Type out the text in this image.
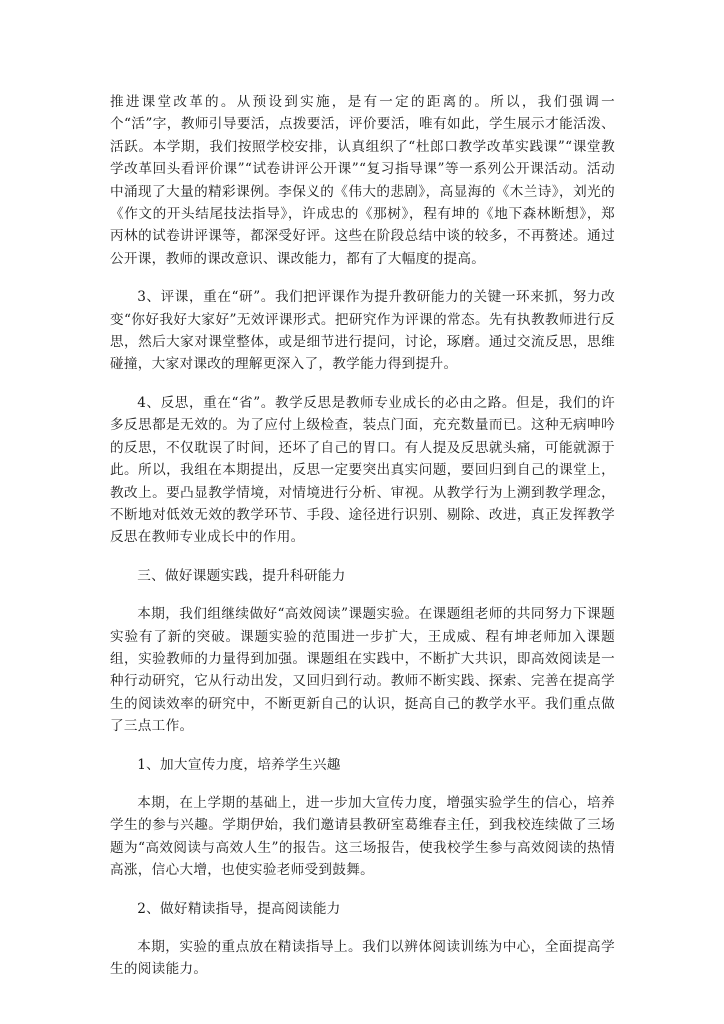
推进课堂改革的。从预设到实施，是有一定的距离的。所以，我们强调一个“活”字，教师引导要活，点拨要活，评价要活，唯有如此，学生展示才能活泼、活跃。本学期，我们按照学校安排，认真组织了“杜郎口教学改革实践课”“课堂教学改革回头看评价课”“试卷讲评公开课”“复习指导课”等一系列公开课活动。活动中涌现了大量的精彩课例。李保义的《伟大的悲剧》，高显海的《木兰诗》，刘光的《作文的开头结尾技法指导》，许成忠的《那树》，程有坤的《地下森林断想》，郑丙林的试卷讲评课等，都深受好评。这些在阶段总结中谈的较多，不再赘述。通过公开课，教师的课改意识、课改能力，都有了大幅度的提高。

3、评课，重在“研”。我们把评课作为提升教研能力的关键一环来抓，努力改变“你好我好大家好”无效评课形式。把研究作为评课的常态。先有执教教师进行反思，然后大家对课堂整体，或是细节进行提问，讨论，琢磨。通过交流反思，思维碰撞，大家对课改的理解更深入了，教学能力得到提升。

4、反思，重在“省”。教学反思是教师专业成长的必由之路。但是，我们的许多反思都是无效的。为了应付上级检查，装点门面，充充数量而已。这种无病呻吟的反思，不仅耽误了时间，还坏了自己的胃口。有人提及反思就头痛，可能就源于此。所以，我组在本期提出，反思一定要突出真实问题，要回归到自己的课堂上，教改上。要凸显教学情境，对情境进行分析、审视。从教学行为上溯到教学理念，不断地对低效无效的教学环节、手段、途径进行识别、剔除、改进，真正发挥教学反思在教师专业成长中的作用。

三、做好课题实践，提升科研能力

本期，我们组继续做好“高效阅读”课题实验。在课题组老师的共同努力下课题实验有了新的突破。课题实验的范围进一步扩大，王成威、程有坤老师加入课题组，实验教师的力量得到加强。课题组在实践中，不断扩大共识，即高效阅读是一种行动研究，它从行动出发，又回归到行动。教师不断实践、探索、完善在提高学生的阅读效率的研究中，不断更新自己的认识，挺高自己的教学水平。我们重点做了三点工作。

1、加大宣传力度，培养学生兴趣

本期，在上学期的基础上，进一步加大宣传力度，增强实验学生的信心，培养学生的参与兴趣。学期伊始，我们邀请县教研室葛维春主任，到我校连续做了三场题为“高效阅读与高效人生”的报告。这三场报告，使我校学生参与高效阅读的热情高涨，信心大增，也使实验老师受到鼓舞。

2、做好精读指导，提高阅读能力

本期，实验的重点放在精读指导上。我们以辨体阅读训练为中心，全面提高学生的阅读能力。
